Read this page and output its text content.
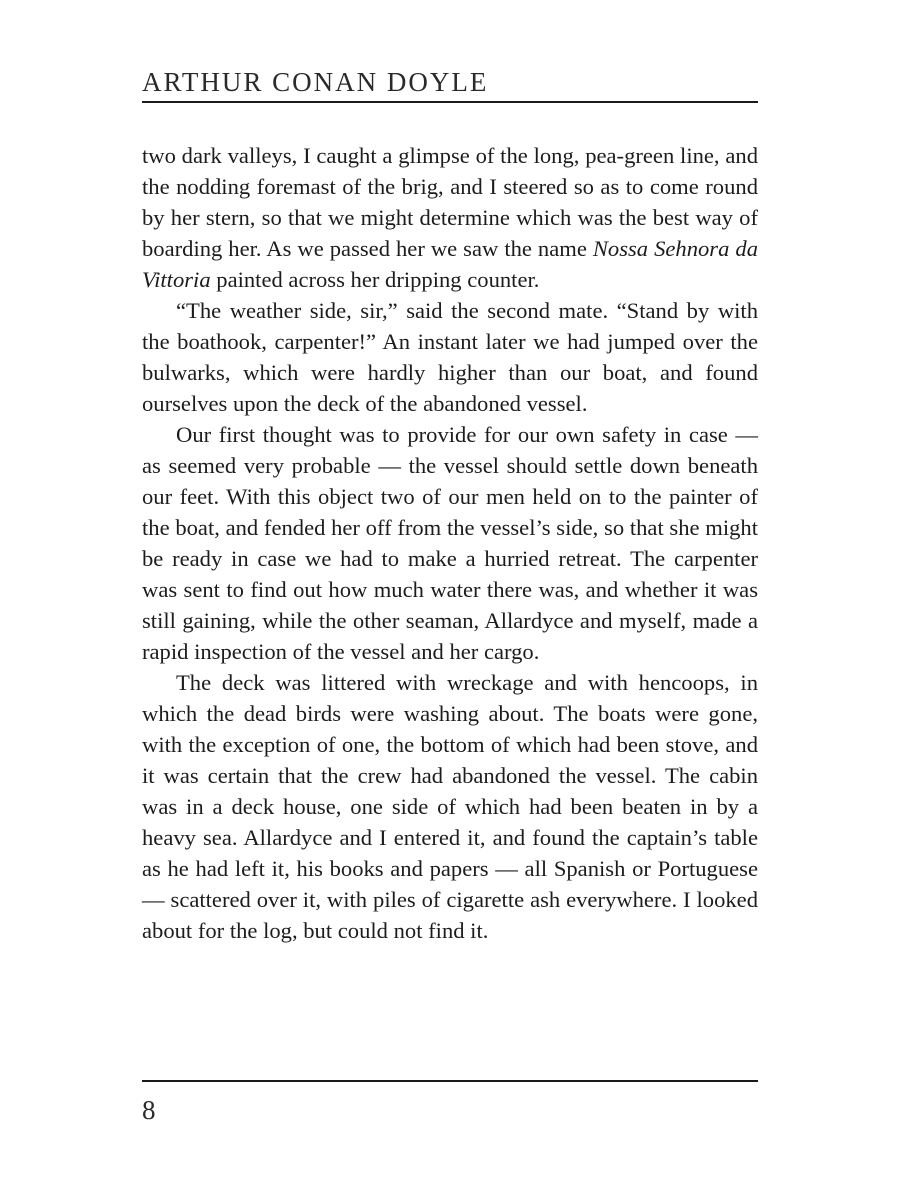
ARTHUR CONAN DOYLE

two dark valleys, I caught a glimpse of the long, pea-green line, and the nodding foremast of the brig, and I steered so as to come round by her stern, so that we might determine which was the best way of boarding her. As we passed her we saw the name Nossa Sehnora da Vittoria painted across her dripping counter.

“The weather side, sir,” said the second mate. “Stand by with the boathook, carpenter!” An instant later we had jumped over the bulwarks, which were hardly higher than our boat, and found ourselves upon the deck of the abandoned vessel.

Our first thought was to provide for our own safety in case — as seemed very probable — the vessel should settle down beneath our feet. With this object two of our men held on to the painter of the boat, and fended her off from the vessel’s side, so that she might be ready in case we had to make a hurried retreat. The carpenter was sent to find out how much water there was, and whether it was still gaining, while the other seaman, Allardyce and myself, made a rapid inspection of the vessel and her cargo.

The deck was littered with wreckage and with hencoops, in which the dead birds were washing about. The boats were gone, with the exception of one, the bottom of which had been stove, and it was certain that the crew had abandoned the vessel. The cabin was in a deck house, one side of which had been beaten in by a heavy sea. Allardyce and I entered it, and found the captain’s table as he had left it, his books and papers — all Spanish or Portuguese — scattered over it, with piles of cigarette ash everywhere. I looked about for the log, but could not find it.

8
